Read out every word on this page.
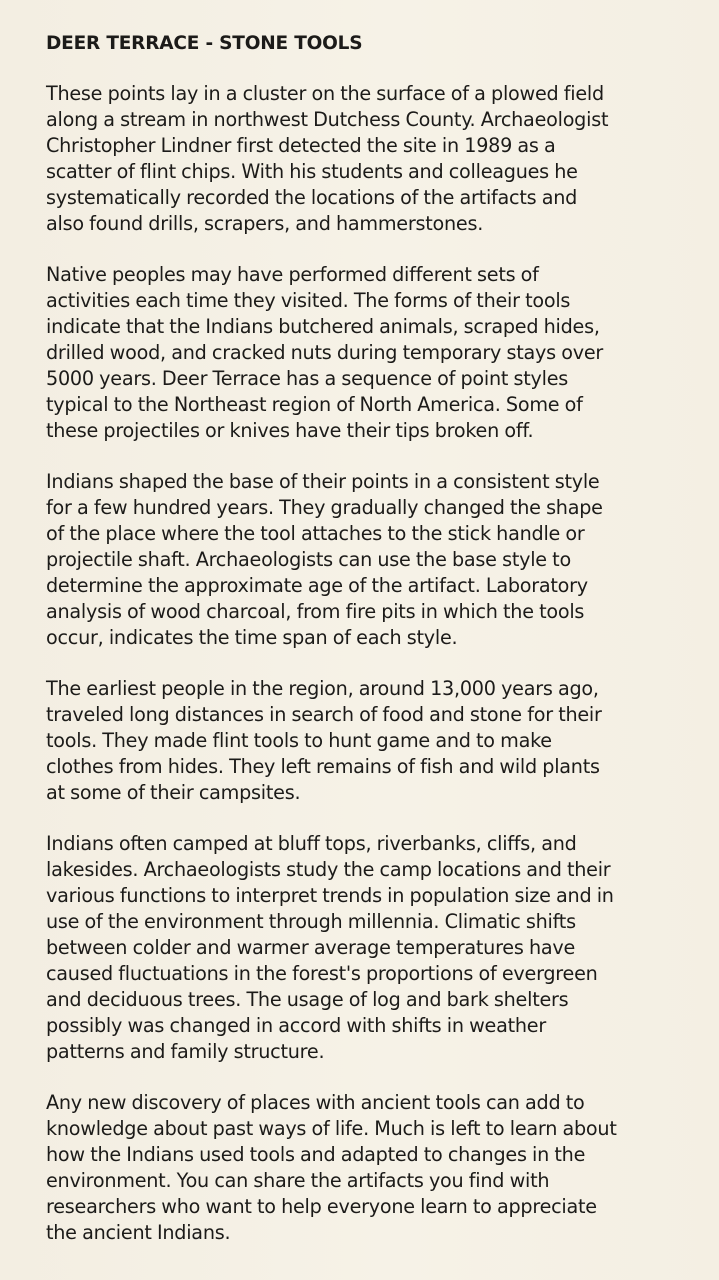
DEER TERRACE - STONE TOOLS

These points lay in a cluster on the surface of a plowed field
along a stream in northwest Dutchess County. Archaeologist
Christopher Lindner first detected the site in 1989 as a
scatter of flint chips. With his students and colleagues he
systematically recorded the locations of the artifacts and
also found drills, scrapers, and hammerstones.

Native peoples may have performed different sets of
activities each time they visited. The forms of their tools
indicate that the Indians butchered animals, scraped hides,
drilled wood, and cracked nuts during temporary stays over
5000 years. Deer Terrace has a sequence of point styles
typical to the Northeast region of North America. Some of
these projectiles or knives have their tips broken off.

Indians shaped the base of their points in a consistent style
for a few hundred years. They gradually changed the shape
of the place where the tool attaches to the stick handle or
projectile shaft. Archaeologists can use the base style to
determine the approximate age of the artifact. Laboratory
analysis of wood charcoal, from fire pits in which the tools
occur, indicates the time span of each style.

The earliest people in the region, around 13,000 years ago,
traveled long distances in search of food and stone for their
tools. They made flint tools to hunt game and to make
clothes from hides. They left remains of fish and wild plants
at some of their campsites.

Indians often camped at bluff tops, riverbanks, cliffs, and
lakesides. Archaeologists study the camp locations and their
various functions to interpret trends in population size and in
use of the environment through millennia. Climatic shifts
between colder and warmer average temperatures have
caused fluctuations in the forest's proportions of evergreen
and deciduous trees. The usage of log and bark shelters
possibly was changed in accord with shifts in weather
patterns and family structure.

Any new discovery of places with ancient tools can add to
knowledge about past ways of life. Much is left to learn about
how the Indians used tools and adapted to changes in the
environment. You can share the artifacts you find with
researchers who want to help everyone learn to appreciate
the ancient Indians.
